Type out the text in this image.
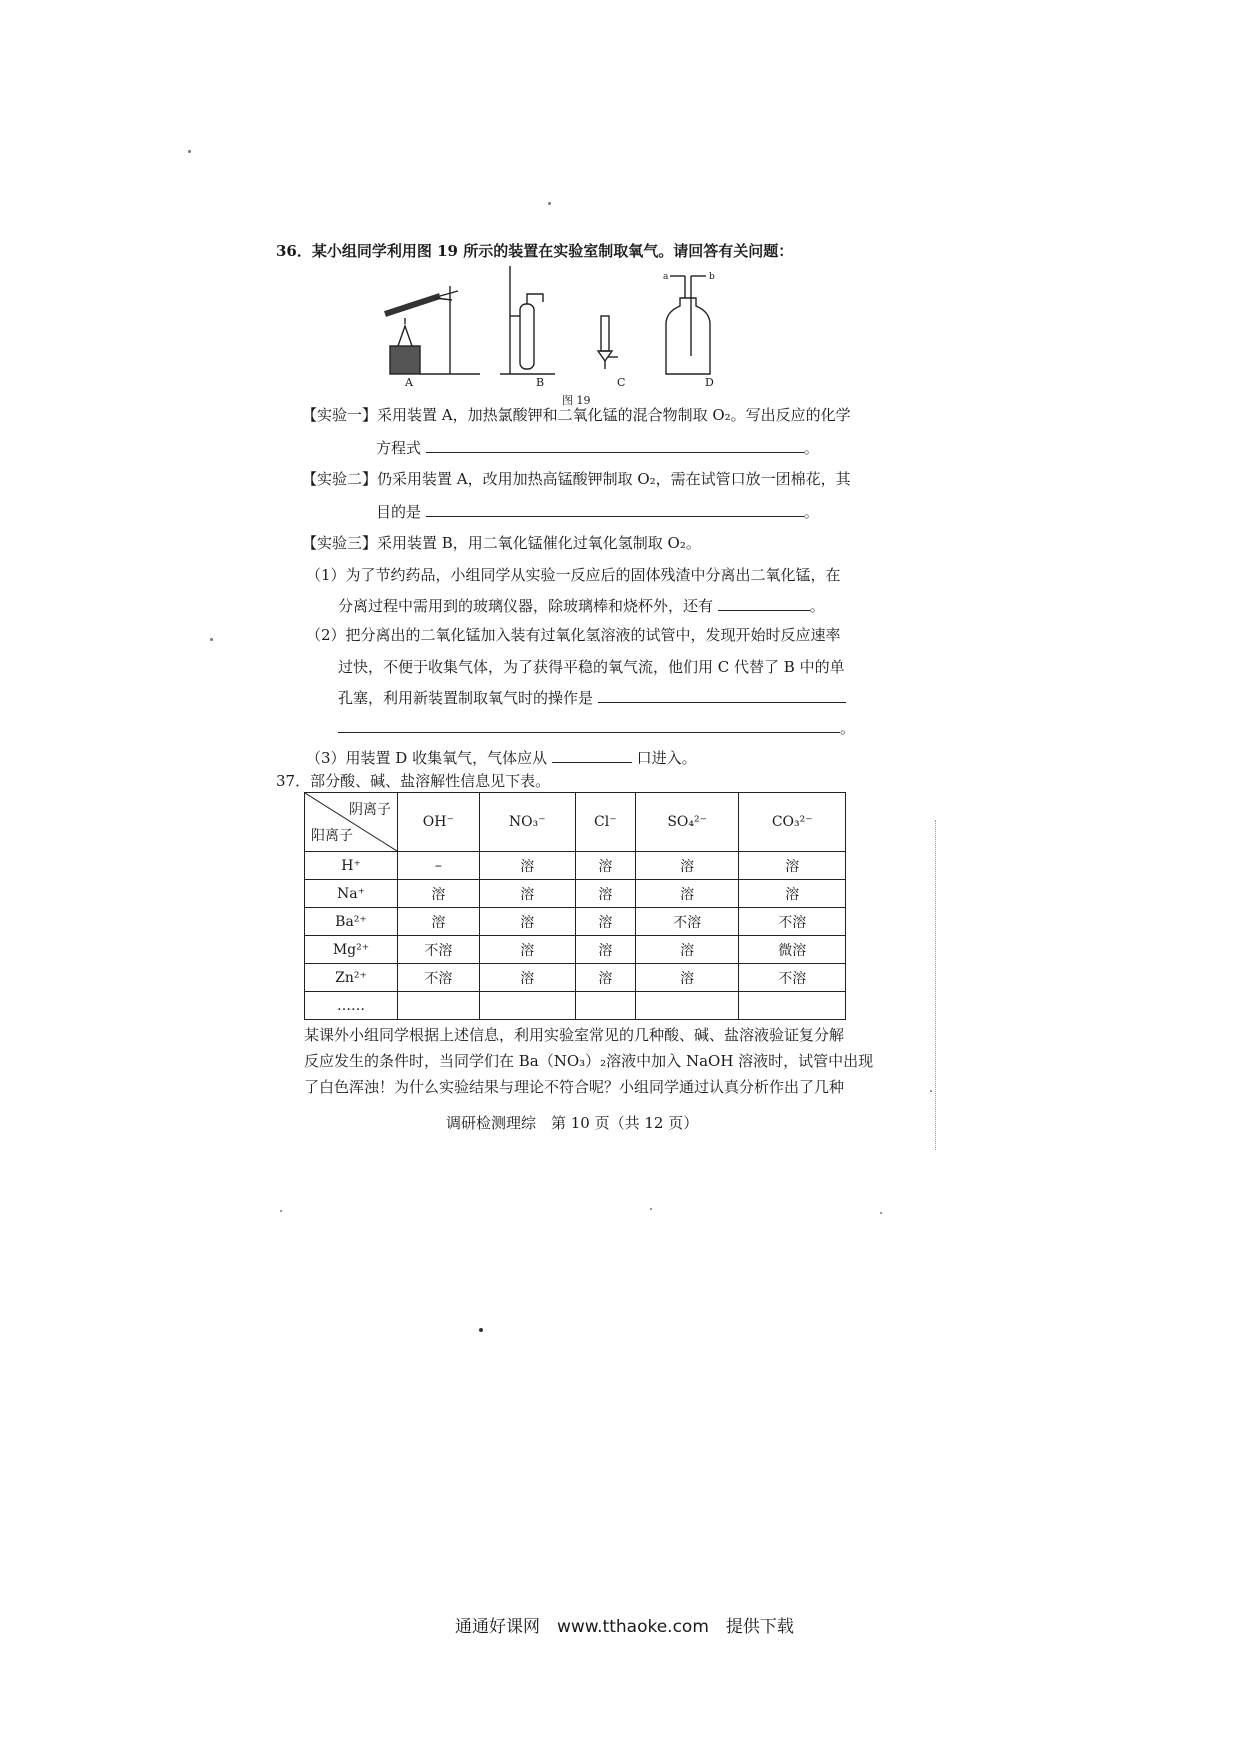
36．某小组同学利用图 19 所示的装置在实验室制取氧气。请回答有关问题：
a	b
A	B	C	D
图 19
【实验一】采用装置 A，加热氯酸钾和二氧化锰的混合物制取 O₂。写出反应的化学
方程式	。
【实验二】仍采用装置 A，改用加热高锰酸钾制取 O₂，需在试管口放一团棉花，其
目的是	。
【实验三】采用装置 B，用二氧化锰催化过氧化氢制取 O₂。
（1）为了节约药品，小组同学从实验一反应后的固体残渣中分离出二氧化锰，在
分离过程中需用到的玻璃仪器，除玻璃棒和烧杯外，还有	。
（2）把分离出的二氧化锰加入装有过氧化氢溶液的试管中，发现开始时反应速率
过快，不便于收集气体，为了获得平稳的氧气流，他们用 C 代替了 B 中的单
孔塞，利用新装置制取氧气时的操作是
。
（3）用装置 D 收集氧气，气体应从	口进入。
37．部分酸、碱、盐溶解性信息见下表。
阴离子
阳离子	OH⁻	NO₃⁻	Cl⁻	SO₄²⁻	CO₃²⁻
H⁺	–	溶	溶	溶	溶
Na⁺	溶	溶	溶	溶	溶
Ba²⁺	溶	溶	溶	不溶	不溶
Mg²⁺	不溶	溶	溶	溶	微溶
Zn²⁺	不溶	溶	溶	溶	不溶
……					
某课外小组同学根据上述信息，利用实验室常见的几种酸、碱、盐溶液验证复分解
反应发生的条件时，当同学们在 Ba（NO₃）₂溶液中加入 NaOH 溶液时，试管中出现
了白色浑浊！为什么实验结果与理论不符合呢？小组同学通过认真分析作出了几种
调研检测理综　第 10 页（共 12 页）
通通好课网　www.tthaoke.com　提供下载
